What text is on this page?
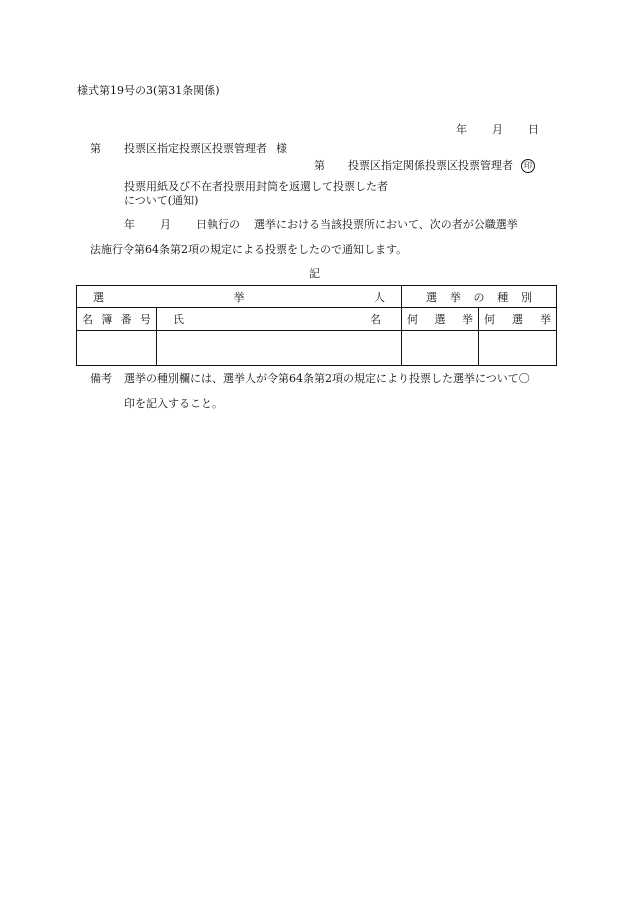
様式第19号の3(第31条関係)
年 月 日
第 投票区指定投票区投票管理者 様
第 投票区指定関係投票区投票管理者 印
投票用紙及び不在者投票用封筒を返還して投票した者
について(通知)
年 月 日執行の 選挙における当該投票所において、次の者が公職選挙
法施行令第64条第2項の規定による投票をしたので通知します。
記
選 挙 人		選 挙 の 種 別	

名 簿 番 号	氏 名	何 選 挙	何 選 挙

備考 選挙の種別欄には、選挙人が令第64条第2項の規定により投票した選挙について〇
印を記入すること。
